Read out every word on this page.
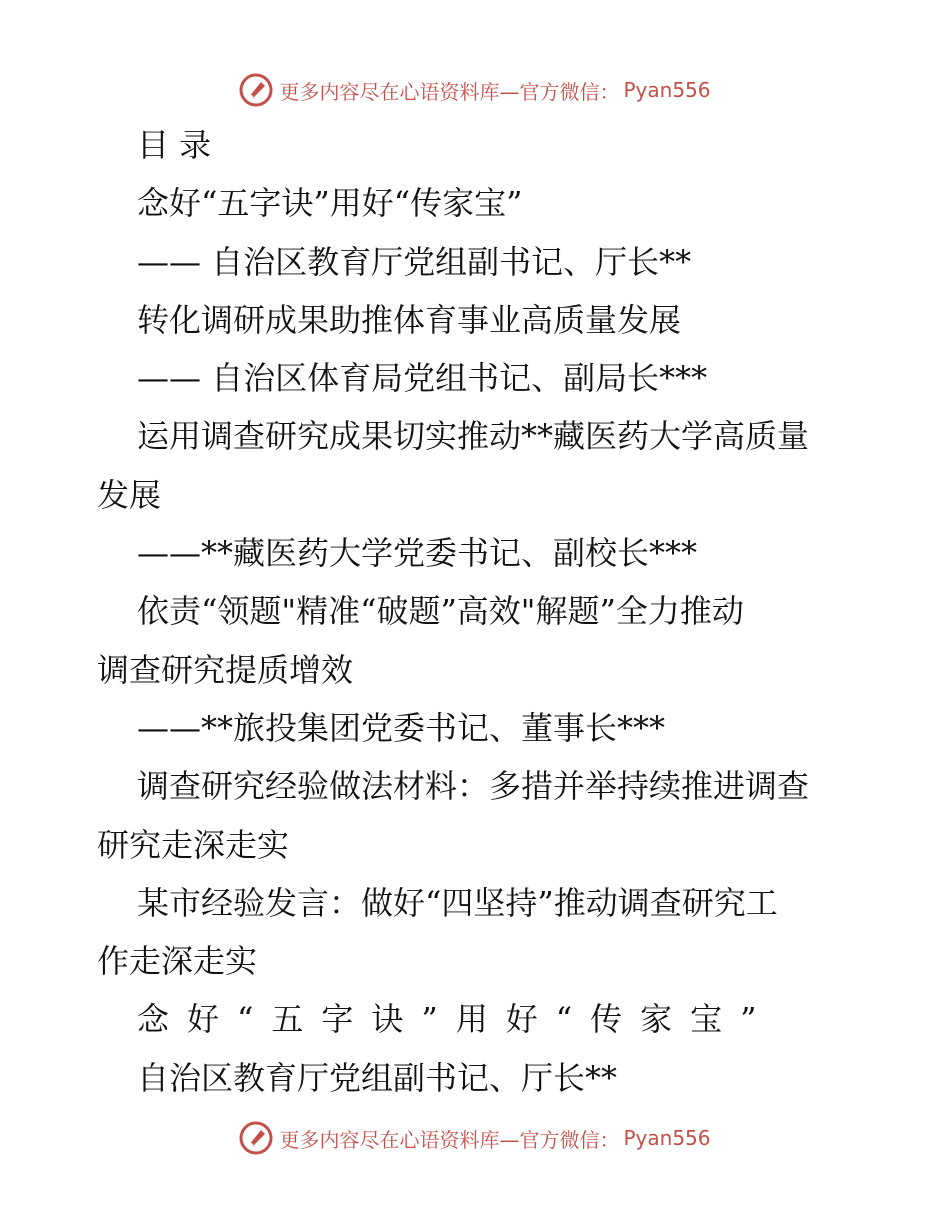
更多内容尽在心语资料库—官方微信： Pyan556
目 录
念好“五字诀”用好“传家宝”
—— 自治区教育厅党组副书记、厅长**
转化调研成果助推体育事业高质量发展
—— 自治区体育局党组书记、副局长***
运用调查研究成果切实推动**藏医药大学高质量
发展
——**藏医药大学党委书记、副校长***
依责“领题"精准“破题”高效"解题”全力推动
调查研究提质增效
——**旅投集团党委书记、董事长***
调查研究经验做法材料：多措并举持续推进调查
研究走深走实
某市经验发言：做好“四坚持”推动调查研究工
作走深走实
念好“五字诀”用好“传家宝”
自治区教育厅党组副书记、厅长**
更多内容尽在心语资料库—官方微信： Pyan556
